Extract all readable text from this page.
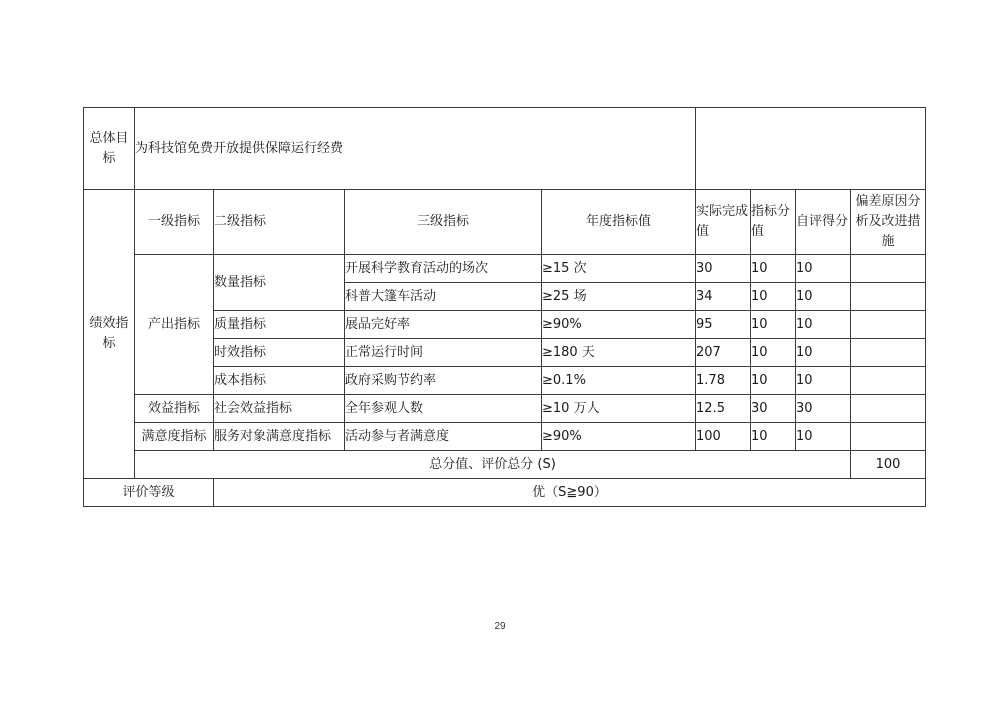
总体目标	为科技馆免费开放提供保障运行经费							
绩效指标	一级指标	二级指标	三级指标	年度指标值	实际完成值	指标分值	自评得分	偏差原因分析及改进措施
	产出指标	数量指标	开展科学教育活动的场次	≥15 次	30	10	10	
			科普大篷车活动	≥25 场	34	10	10	
		质量指标	展品完好率	≥90%	95	10	10	
		时效指标	正常运行时间	≥180 天	207	10	10	
		成本指标	政府采购节约率	≥0.1%	1.78	10	10	
	效益指标	社会效益指标	全年参观人数	≥10 万人	12.5	30	30	
	满意度指标	服务对象满意度指标	活动参与者满意度	≥90%	100	10	10	
	总分值、评价总分 (S)							100
评价等级		优（S≧90）						
29
